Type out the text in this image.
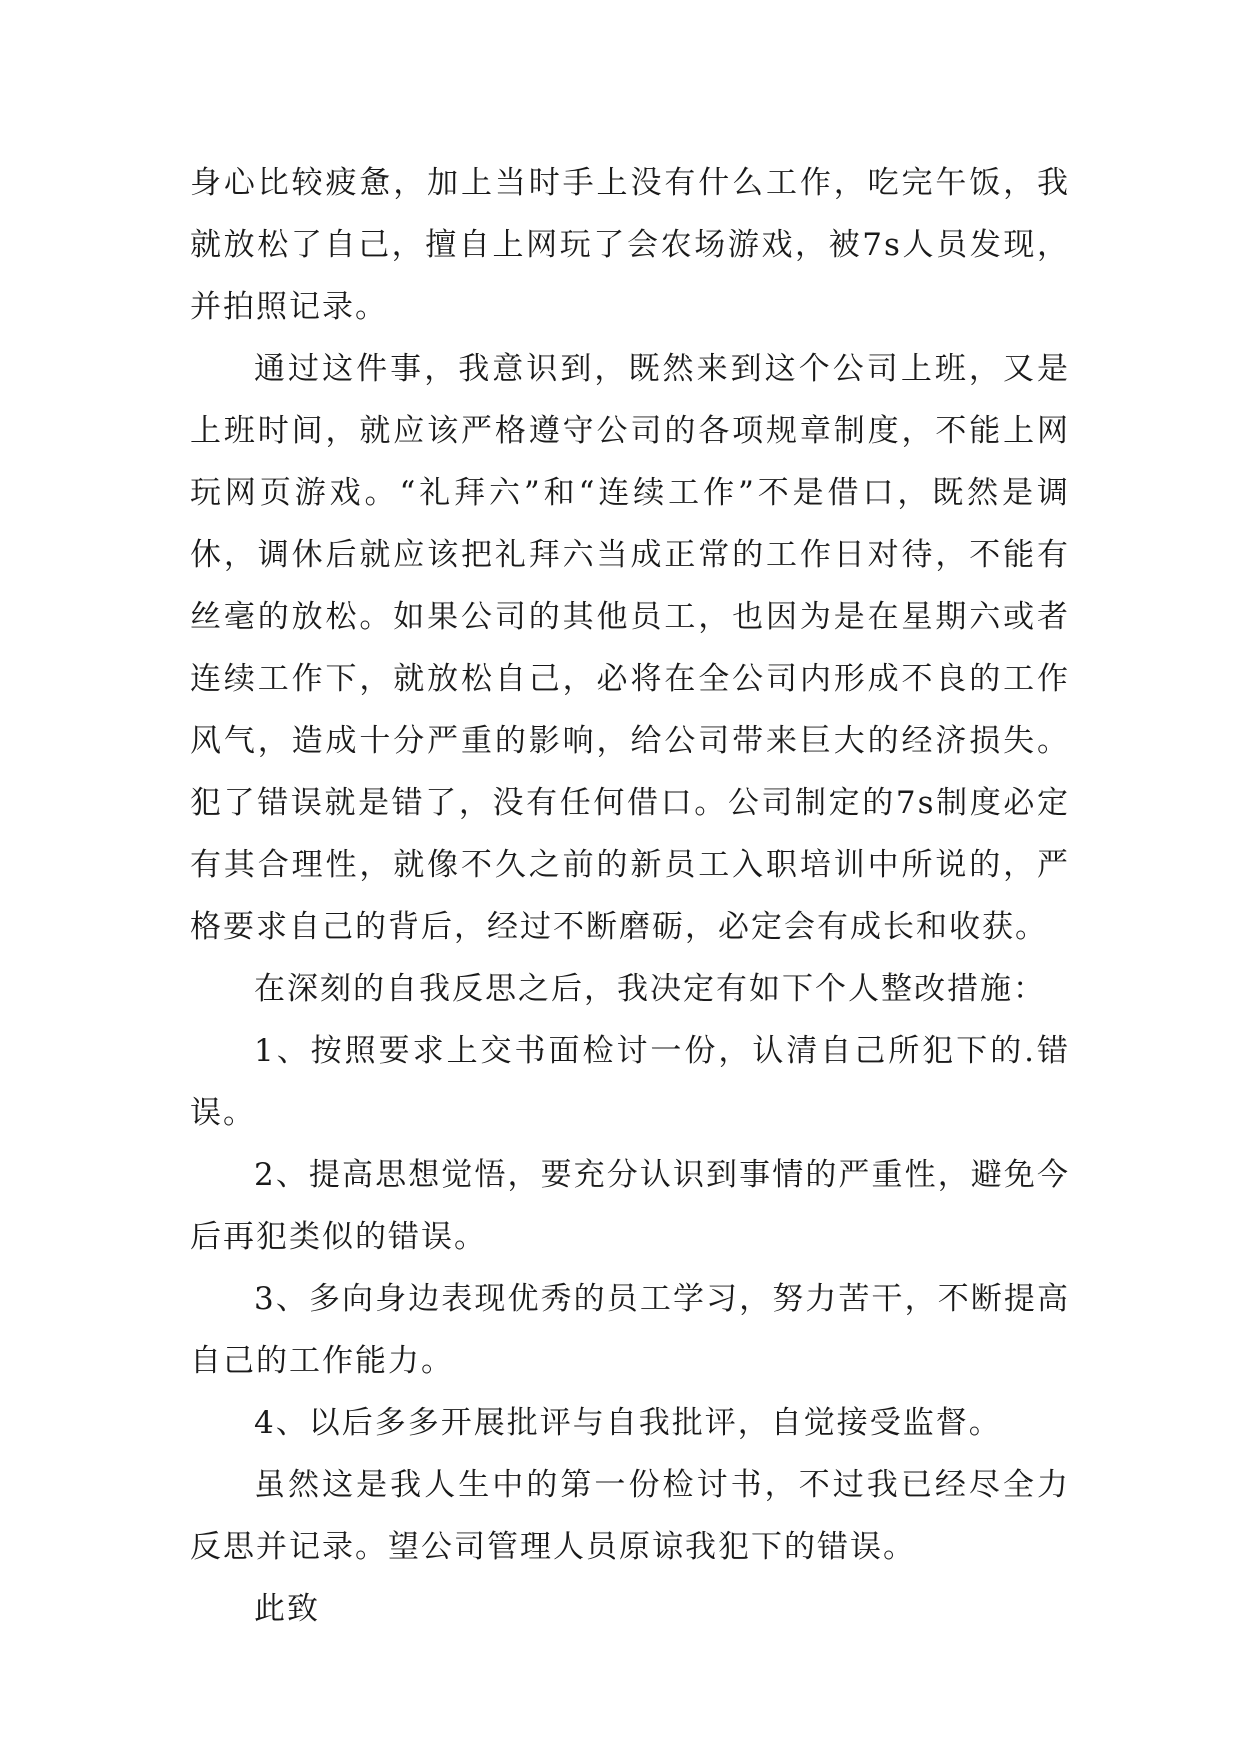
身心比较疲惫，加上当时手上没有什么工作，吃完午饭，我就放松了自己，擅自上网玩了会农场游戏，被7s人员发现，并拍照记录。

通过这件事，我意识到，既然来到这个公司上班，又是上班时间，就应该严格遵守公司的各项规章制度，不能上网玩网页游戏。“礼拜六”和“连续工作”不是借口，既然是调休，调休后就应该把礼拜六当成正常的工作日对待，不能有丝毫的放松。如果公司的其他员工，也因为是在星期六或者连续工作下，就放松自己，必将在全公司内形成不良的工作风气，造成十分严重的影响，给公司带来巨大的经济损失。犯了错误就是错了，没有任何借口。公司制定的7s制度必定有其合理性，就像不久之前的新员工入职培训中所说的，严格要求自己的背后，经过不断磨砺，必定会有成长和收获。

在深刻的自我反思之后，我决定有如下个人整改措施：

1、按照要求上交书面检讨一份，认清自己所犯下的.错误。

2、提高思想觉悟，要充分认识到事情的严重性，避免今后再犯类似的错误。

3、多向身边表现优秀的员工学习，努力苦干，不断提高自己的工作能力。

4、以后多多开展批评与自我批评，自觉接受监督。

虽然这是我人生中的第一份检讨书，不过我已经尽全力反思并记录。望公司管理人员原谅我犯下的错误。

此致
